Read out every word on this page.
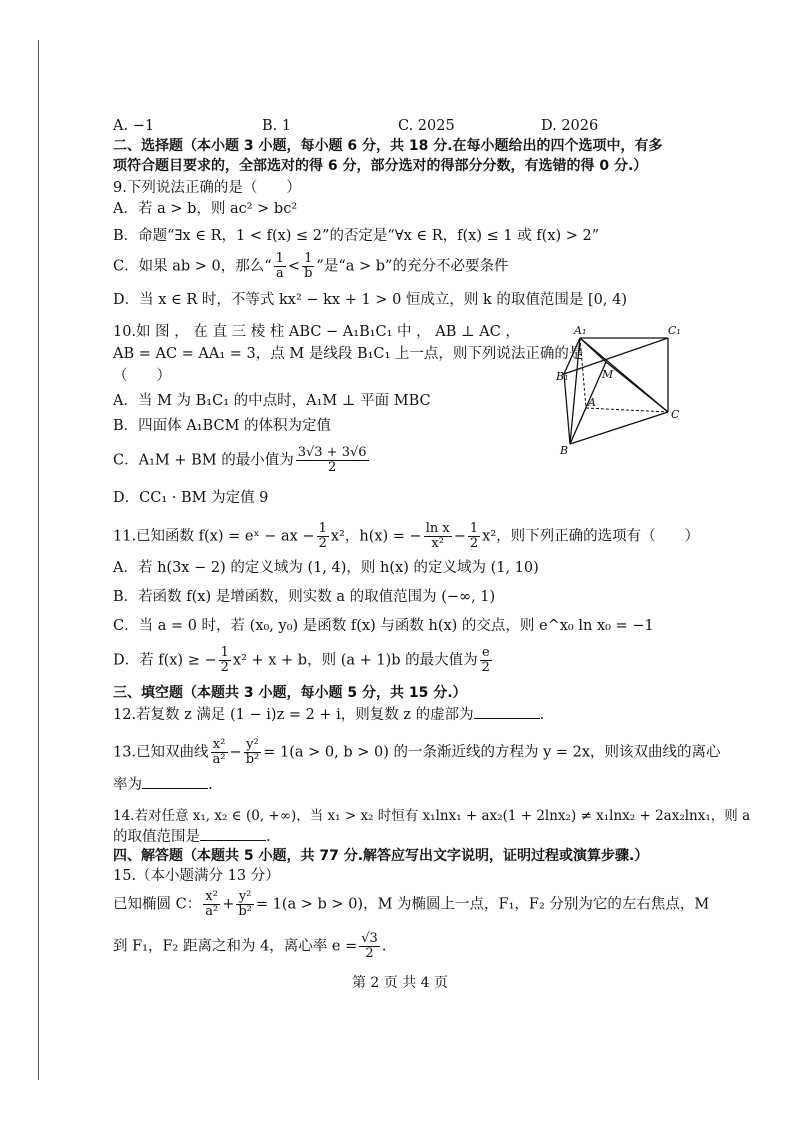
A. −1	B. 1	C. 2025	D. 2026
二、选择题（本小题 3 小题，每小题 6 分，共 18 分.在每小题给出的四个选项中，有多
项符合题目要求的，全部选对的得 6 分，部分选对的得部分分数，有选错的得 0 分.）
9.下列说法正确的是（　　）
A．若 a > b，则 ac² > bc²
B．命题“∃x ∈ R，1 < f(x) ≤ 2”的否定是“∀x ∈ R，f(x) ≤ 1 或 f(x) > 2”
C．如果 ab > 0，那么“ $\frac{1}{a} < \frac{1}{b}$ ”是“a > b”的充分不必要条件
D．当 x ∈ R 时，不等式 kx² − kx + 1 > 0 恒成立，则 k 的取值范围是 [0, 4)
10.如 图 ， 在 直 三 棱 柱 ABC − A₁B₁C₁ 中 ， AB ⊥ AC ，
AB = AC = AA₁ = 3，点 M 是线段 B₁C₁ 上一点，则下列说法正确的是
（　　）
A．当 M 为 B₁C₁ 的中点时，A₁M ⊥ 平面 MBC
B．四面体 A₁BCM 的体积为定值
C．A₁M + BM 的最小值为 $\frac{3√3 + 3√6}{2}$
D．CC₁ · BM 为定值 9
A₁	C₁
B₁	M
A
C
B
11.已知函数 f(x) = eˣ − ax − $\frac{1}{2} x^2$，h(x) = − $\frac{\text{ln x}}{\text{x²}} - \frac{1}{2} x^2$，则下列正确的选项有（　　）
A．若 h(3x − 2) 的定义域为 (1, 4)，则 h(x) 的定义域为 (1, 10)
B．若函数 f(x) 是增函数，则实数 a 的取值范围为 (−∞, 1)
C．当 a = 0 时，若 (x₀, y₀) 是函数 f(x) 与函数 h(x) 的交点，则 e^x₀ ln x₀ = −1
D．若 f(x) ≥ − $\frac{1}{2} x^2 + x + b$，则 (a + 1)b 的最大值为 $\frac{e}{2}$
三、填空题（本题共 3 小题，每小题 5 分，共 15 分.）
12.若复数 z 满足 (1 − i)z = 2 + i，则复数 z 的虚部为	.
13.已知双曲线 $\frac{\text{x²}}{\text{a²}} - \frac{\text{y²}}{\text{b²}} = 1(a > 0$, b > 0) 的一条渐近线的方程为 y = 2x，则该双曲线的离心
率为	.
14.若对任意 x₁, x₂ ∈ (0, +∞)，当 x₁ > x₂ 时恒有 x₁lnx₁ + ax₂(1 + 2lnx₂) ≠ x₁lnx₂ + 2ax₂lnx₁，则 a
的取值范围是	.
四、解答题（本题共 5 小题，共 77 分.解答应写出文字说明，证明过程或演算步骤.）
15.（本小题满分 13 分）
已知椭圆 C： $\frac{\text{x²}}{\text{a²}} + \frac{\text{y²}}{\text{b²}} = 1(a > b > 0)$，M 为椭圆上一点，F₁，F₂ 分别为它的左右焦点，M
到 F₁，F₂ 距离之和为 4，离心率 $e = \frac{√3}{2}$ .
第 2 页 共 4 页
